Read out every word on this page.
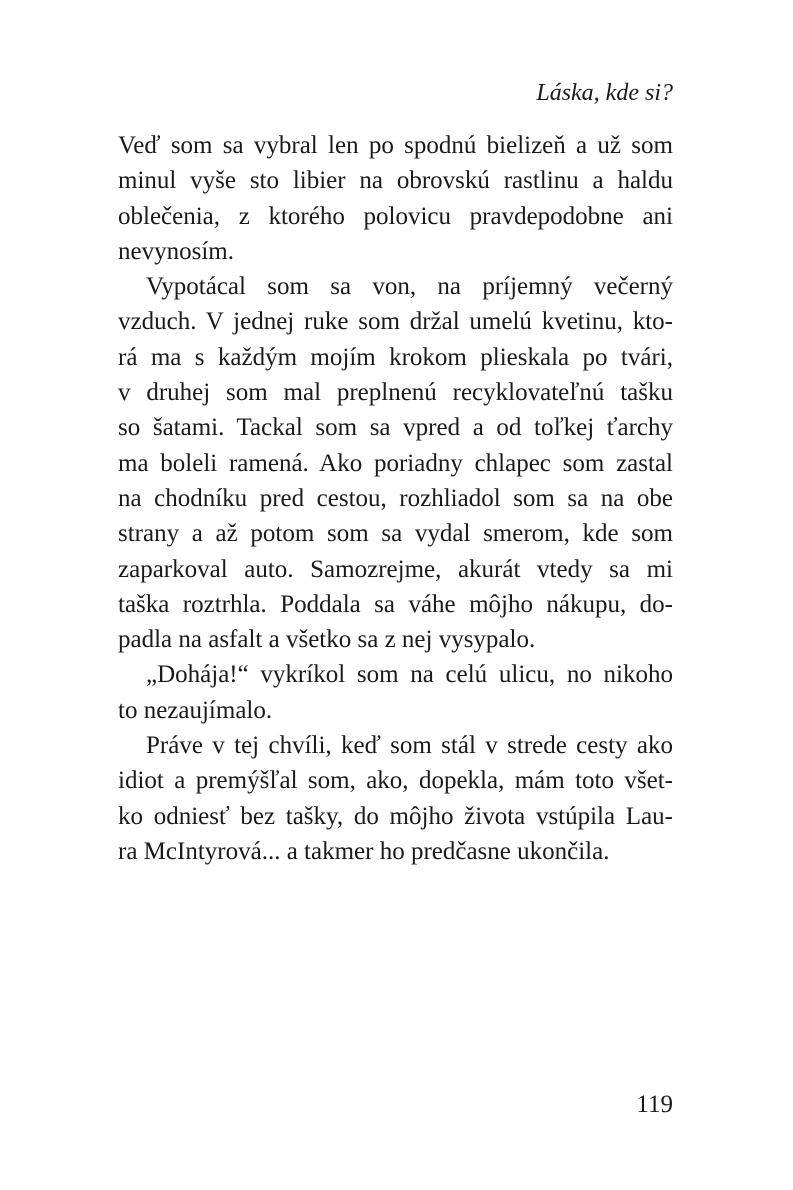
Láska, kde si?
Veď som sa vybral len po spodnú bielizeň a už som
minul vyše sto libier na obrovskú rastlinu a haldu
oblečenia, z ktorého polovicu pravdepodobne ani
nevynosím.
Vypotácal som sa von, na príjemný večerný
vzduch. V jednej ruke som držal umelú kvetinu, kto-
rá ma s každým mojím krokom plieskala po tvári,
v druhej som mal preplnenú recyklovateľnú tašku
so šatami. Tackal som sa vpred a od toľkej ťarchy
ma boleli ramená. Ako poriadny chlapec som zastal
na chodníku pred cestou, rozhliadol som sa na obe
strany a až potom som sa vydal smerom, kde som
zaparkoval auto. Samozrejme, akurát vtedy sa mi
taška roztrhla. Poddala sa váhe môjho nákupu, do-
padla na asfalt a všetko sa z nej vysypalo.
„Dohája!“ vykríkol som na celú ulicu, no nikoho
to nezaujímalo.
Práve v tej chvíli, keď som stál v strede cesty ako
idiot a premýšľal som, ako, dopekla, mám toto všet-
ko odniesť bez tašky, do môjho života vstúpila Lau-
ra McIntyrová... a takmer ho predčasne ukončila.
119
